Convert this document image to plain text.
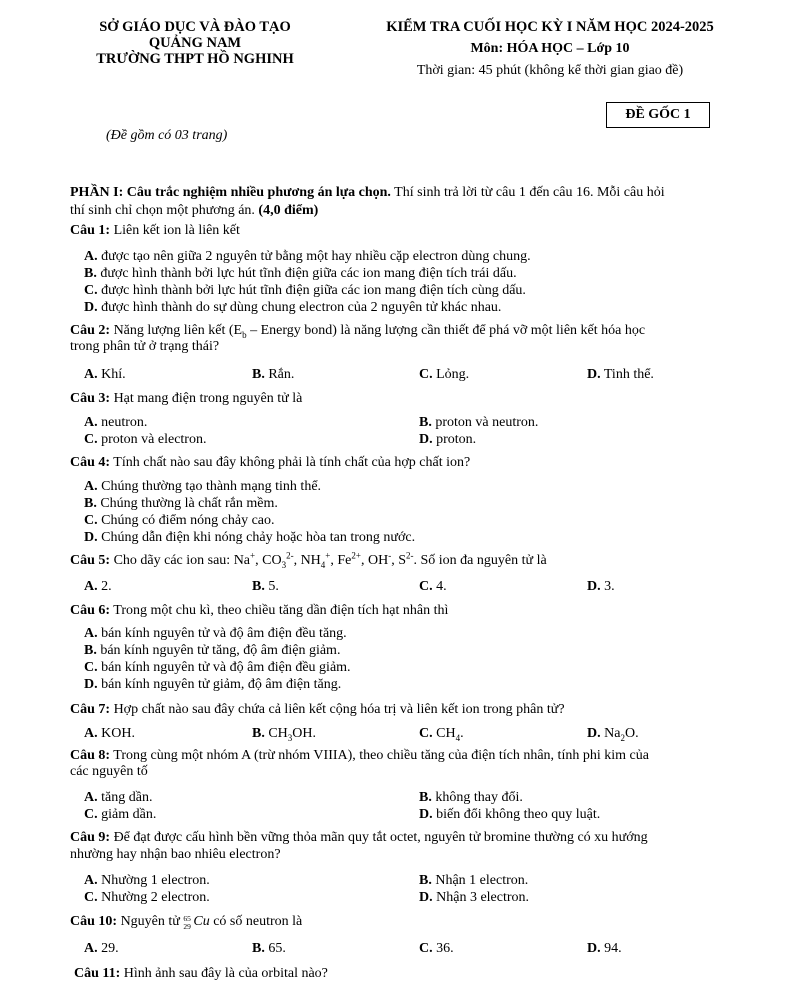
SỞ GIÁO DỤC VÀ ĐÀO TẠO
QUẢNG NAM
TRƯỜNG THPT HỒ NGHINH
KIỂM TRA CUỐI HỌC KỲ I NĂM HỌC 2024-2025
Môn: HÓA HỌC – Lớp 10
Thời gian: 45 phút (không kể thời gian giao đề)
ĐỀ GỐC 1
(Đề gồm có 03 trang)
PHẦN I: Câu trắc nghiệm nhiều phương án lựa chọn. Thí sinh trả lời từ câu 1 đến câu 16. Mỗi câu hỏi
thí sinh chỉ chọn một phương án. (4,0 điểm)
Câu 1: Liên kết ion là liên kết
A. được tạo nên giữa 2 nguyên tử bằng một hay nhiều cặp electron dùng chung.
B. được hình thành bởi lực hút tĩnh điện giữa các ion mang điện tích trái dấu.
C. được hình thành bởi lực hút tĩnh điện giữa các ion mang điện tích cùng dấu.
D. được hình thành do sự dùng chung electron của 2 nguyên tử khác nhau.
Câu 2: Năng lượng liên kết ($E_b$ – Energy bond) là năng lượng cần thiết để phá vỡ một liên kết hóa học
trong phân tử ở trạng thái?
A. Khí.	B. Rắn.	C. Lỏng.	D. Tinh thể.
Câu 3: Hạt mang điện trong nguyên tử là
A. neutron.	B. proton và neutron.
C. proton và electron.	D. proton.
Câu 4: Tính chất nào sau đây không phải là tính chất của hợp chất ion?
A. Chúng thường tạo thành mạng tinh thể.
B. Chúng thường là chất rắn mềm.
C. Chúng có điểm nóng chảy cao.
D. Chúng dẫn điện khi nóng chảy hoặc hòa tan trong nước.
Câu 5: Cho dãy các ion sau: Na+, $CO_3^{2-}$, $NH_4^+$, $Fe^{2+}$, OH-, $S^{2-}$. Số ion đa nguyên tử là
A. 2.	B. 5.	C. 4.	D. 3.
Câu 6: Trong một chu kì, theo chiều tăng dần điện tích hạt nhân thì
A. bán kính nguyên tử và độ âm điện đều tăng.
B. bán kính nguyên tử tăng, độ âm điện giảm.
C. bán kính nguyên tử và độ âm điện đều giảm.
D. bán kính nguyên tử giảm, độ âm điện tăng.
Câu 7: Hợp chất nào sau đây chứa cả liên kết cộng hóa trị và liên kết ion trong phân tử?
A. KOH.	B. $CH_3OH$.	C. $CH_4$.	D. $Na_2O$.
Câu 8: Trong cùng một nhóm A (trừ nhóm VIIIA), theo chiều tăng của điện tích nhân, tính phi kim của
các nguyên tố
A. tăng dần.	B. không thay đổi.
C. giảm dần.	D. biến đổi không theo quy luật.
Câu 9: Để đạt được cấu hình bền vững thỏa mãn quy tắt octet, nguyên tử bromine thường có xu hướng
nhường hay nhận bao nhiêu electron?
A. Nhường 1 electron.	B. Nhận 1 electron.
C. Nhường 2 electron.	D. Nhận 3 electron.
Câu 10: Nguyên tử 65
29 Cu có số neutron là
A. 29.	B. 65.	C. 36.	D. 94.
Câu 11: Hình ảnh sau đây là của orbital nào?
